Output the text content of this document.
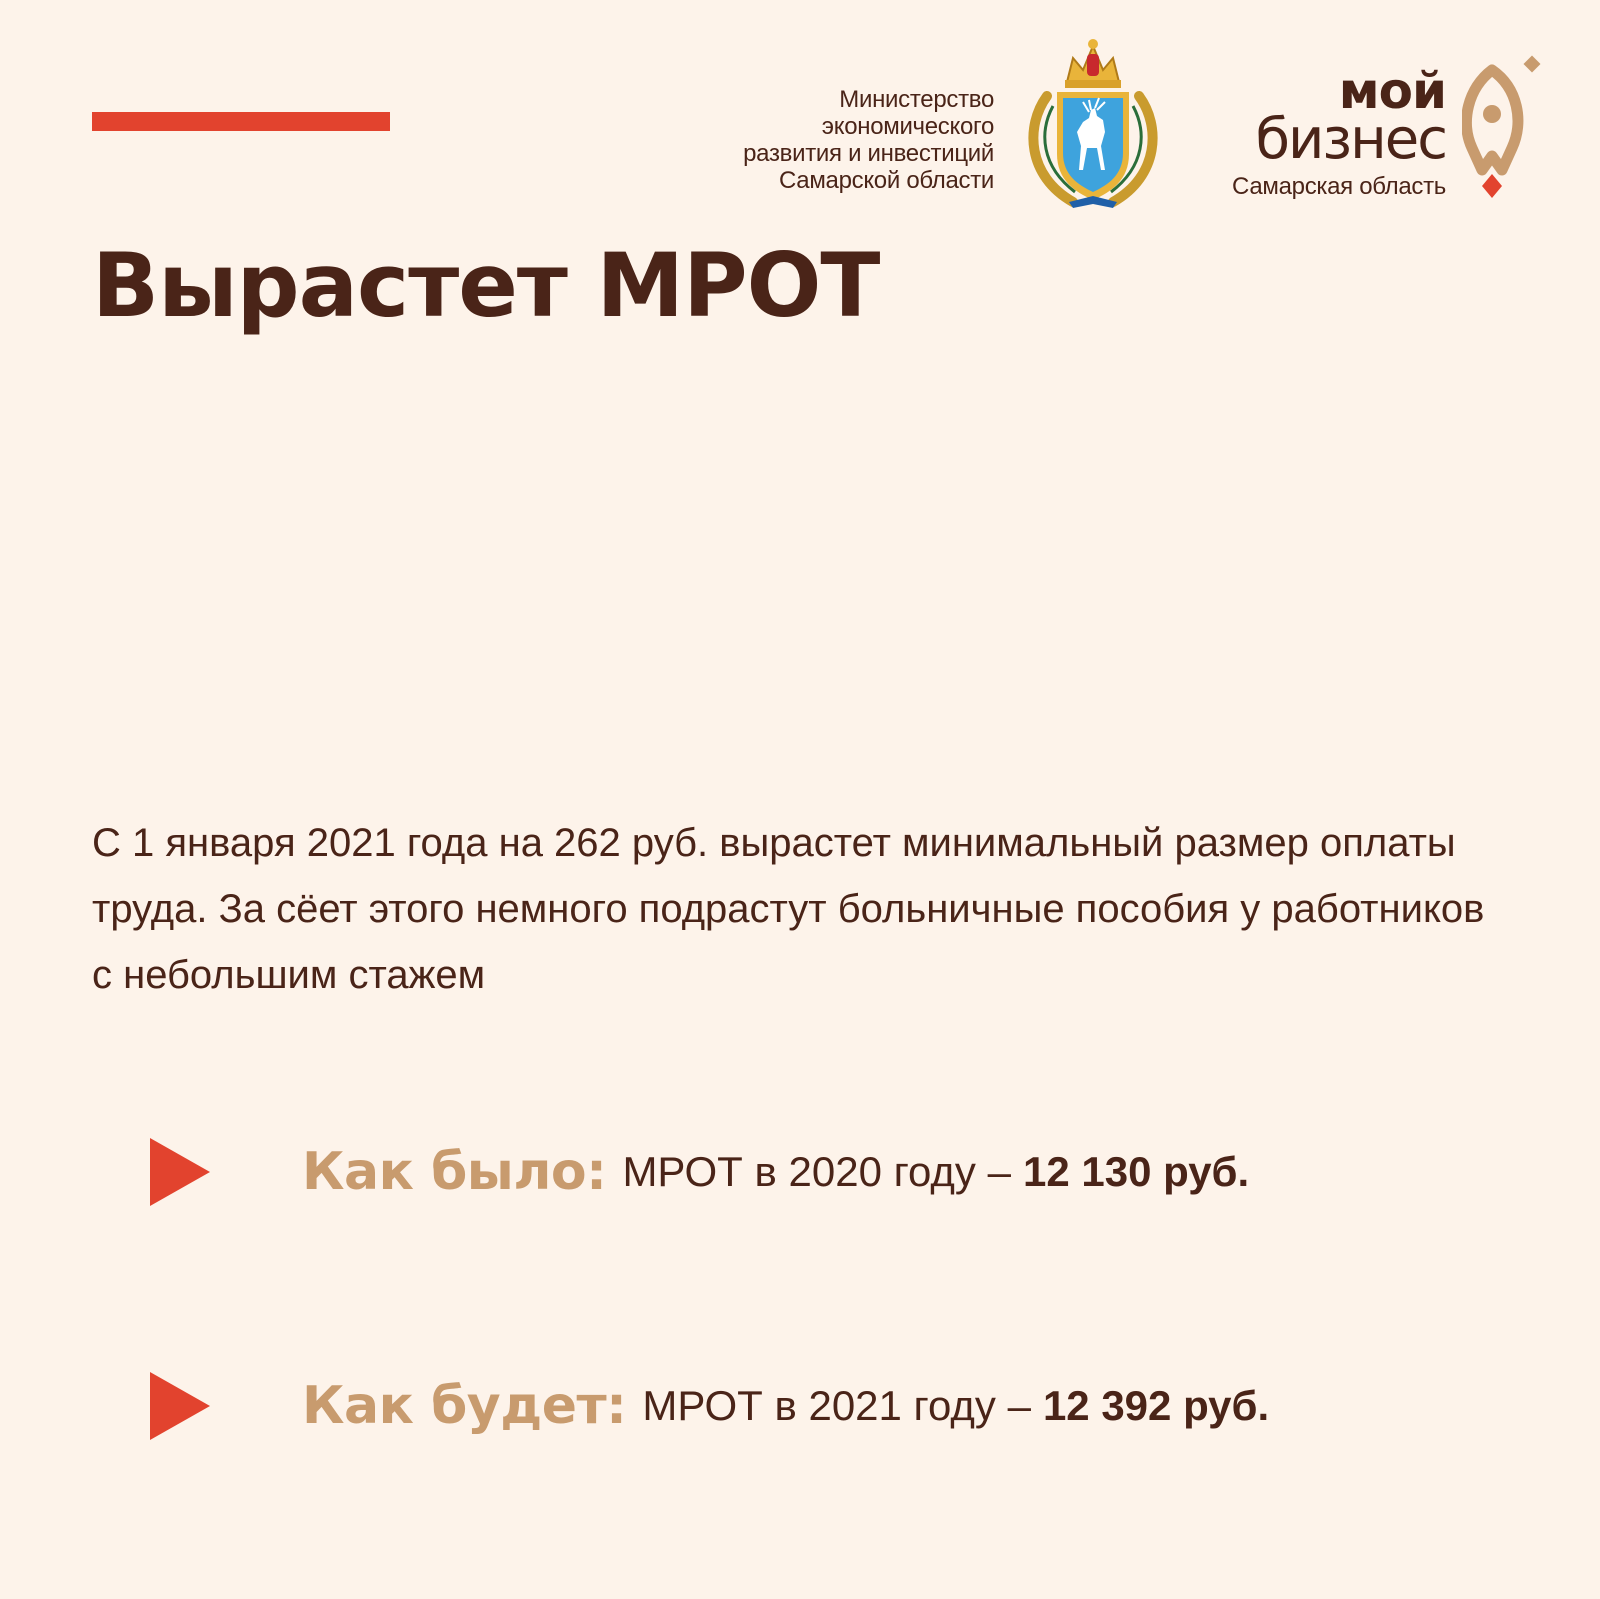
Министерство
экономического
развития и инвестиций
Самарской области
мой
бизнес
Самарская область
Вырастет МРОТ

С 1 января 2021 года на 262 руб. вырастет минимальный размер оплаты труда. За сёет этого немного подрастут больничные пособия у работников с небольшим стажем

Как было: МРОТ в 2020 году – 12 130 руб.
Как будет: МРОТ в 2021 году – 12 392 руб.
